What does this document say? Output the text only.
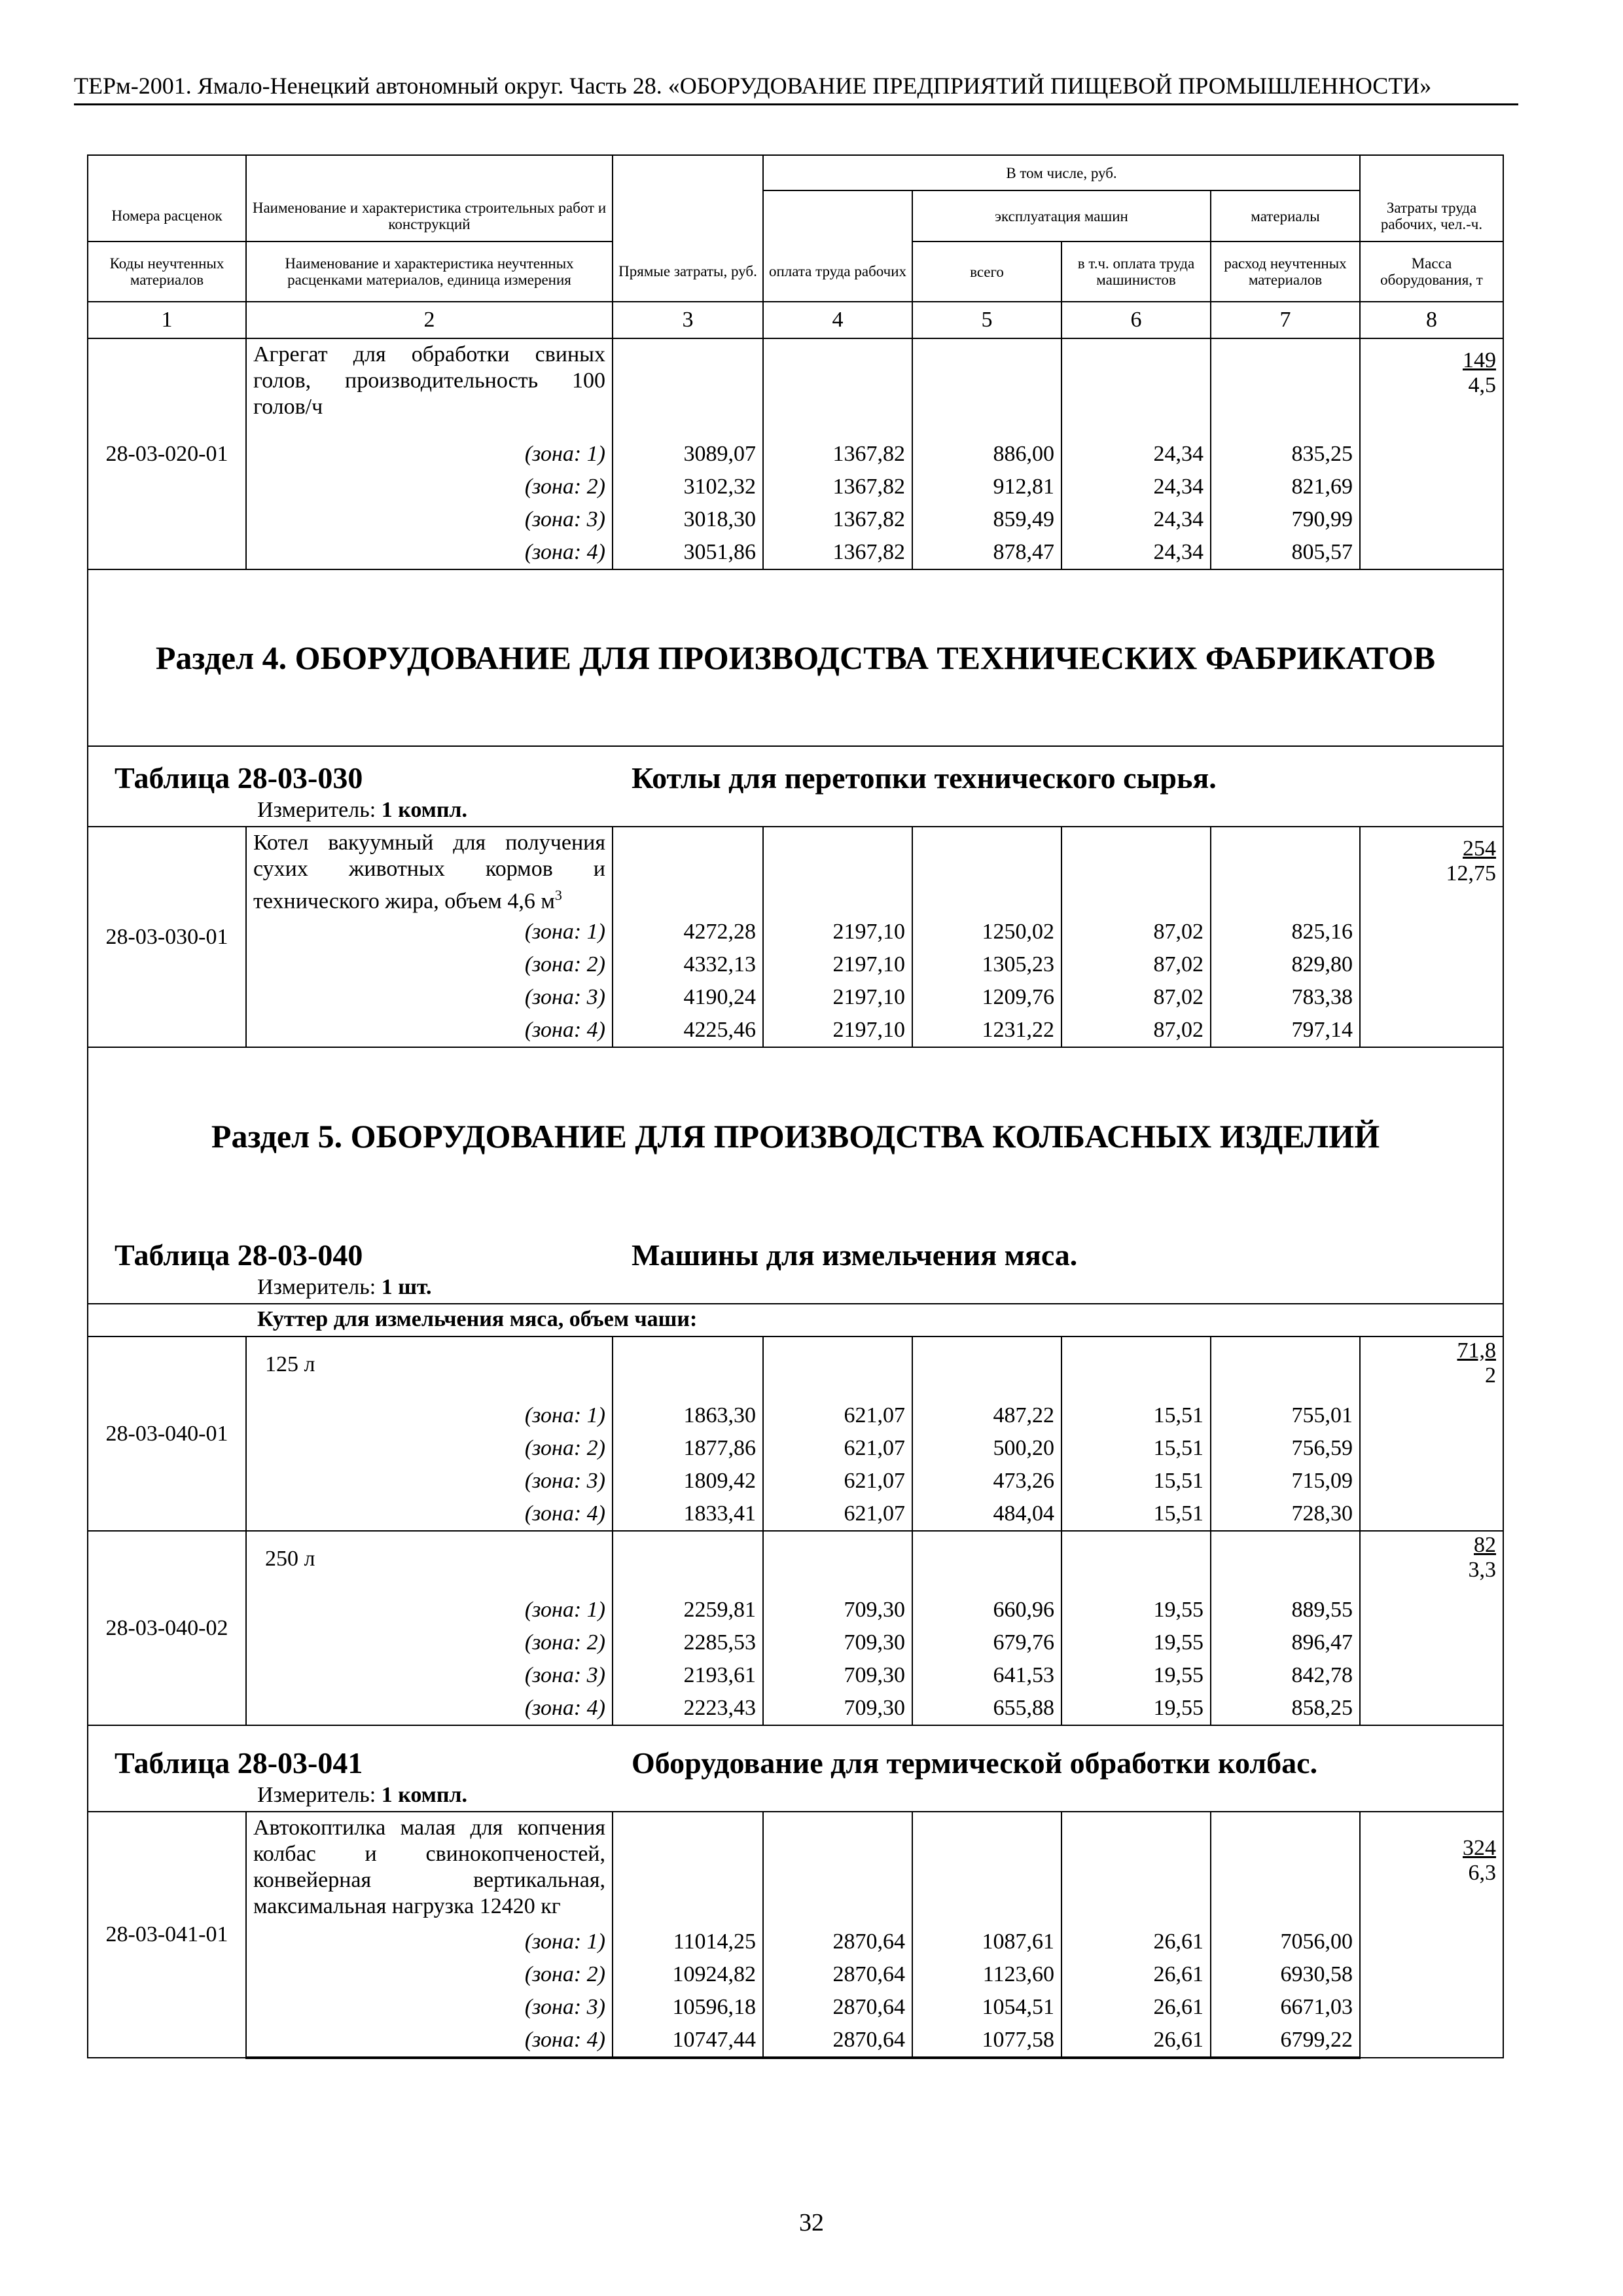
ТЕРм-2001. Ямало-Ненецкий автономный округ. Часть 28. «ОБОРУДОВАНИЕ ПРЕДПРИЯТИЙ ПИЩЕВОЙ ПРОМЫШЛЕННОСТИ»
			В том числе, руб.				
Номера расценок	Наименование и характеристика строительных работ и конструкций			эксплуатация машин		материалы	Затраты труда рабочих, чел.-ч.
Коды неучтенных материалов	Наименование и характеристика неучтенных расценками материалов, единица измерения	Прямые затраты, руб.	оплата труда рабочих	всего	в т.ч. оплата труда машинистов	расход неучтенных материалов	Масса оборудования, т
1	2	3	4	5	6	7	8
28-03-020-01	Агрегат для обработки свиных голов, производительность 100 голов/ч						149
4,5

	(зона: 1)	3089,07	1367,82	886,00	24,34	835,25	
	(зона: 2)	3102,32	1367,82	912,81	24,34	821,69	
	(зона: 3)	3018,30	1367,82	859,49	24,34	790,99	
	(зона: 4)	3051,86	1367,82	878,47	24,34	805,57	
Раздел 4. ОБОРУДОВАНИЕ ДЛЯ ПРОИЗВОДСТВА ТЕХНИЧЕСКИХ ФАБРИКАТОВ							

Таблица 28-03-030 Котлы для перетопки технического сырья.							
Измеритель: 1 компл.							
28-03-030-01	Котел вакуумный для получения сухих животных кормов и технического жира, объем 4,6 $м^3$						254
12,75

	(зона: 1)	4272,28	2197,10	1250,02	87,02	825,16	
	(зона: 2)	4332,13	2197,10	1305,23	87,02	829,80	
	(зона: 3)	4190,24	2197,10	1209,76	87,02	783,38	
	(зона: 4)	4225,46	2197,10	1231,22	87,02	797,14	
Раздел 5. ОБОРУДОВАНИЕ ДЛЯ ПРОИЗВОДСТВА КОЛБАСНЫХ ИЗДЕЛИЙ							
Таблица 28-03-040 Машины для измельчения мяса.							
Измеритель: 1 шт.							
Куттер для измельчения мяса, объем чаши:							
28-03-040-01	125 л						71,8
2

	(зона: 1)	1863,30	621,07	487,22	15,51	755,01	
	(зона: 2)	1877,86	621,07	500,20	15,51	756,59	
	(зона: 3)	1809,42	621,07	473,26	15,51	715,09	
	(зона: 4)	1833,41	621,07	484,04	15,51	728,30	
28-03-040-02	250 л						82
3,3

	(зона: 1)	2259,81	709,30	660,96	19,55	889,55	
	(зона: 2)	2285,53	709,30	679,76	19,55	896,47	
	(зона: 3)	2193,61	709,30	641,53	19,55	842,78	
	(зона: 4)	2223,43	709,30	655,88	19,55	858,25	
Таблица 28-03-041 Оборудование для термической обработки колбас.							
Измеритель: 1 компл.							
28-03-041-01	Автокоптилка малая для копчения колбас и свинокопченостей, конвейерная вертикальная, максимальная нагрузка 12420 кг						324
6,3

	(зона: 1)	11014,25	2870,64	1087,61	26,61	7056,00	
	(зона: 2)	10924,82	2870,64	1123,60	26,61	6930,58	
	(зона: 3)	10596,18	2870,64	1054,51	26,61	6671,03	
	(зона: 4)	10747,44	2870,64	1077,58	26,61	6799,22	
32
